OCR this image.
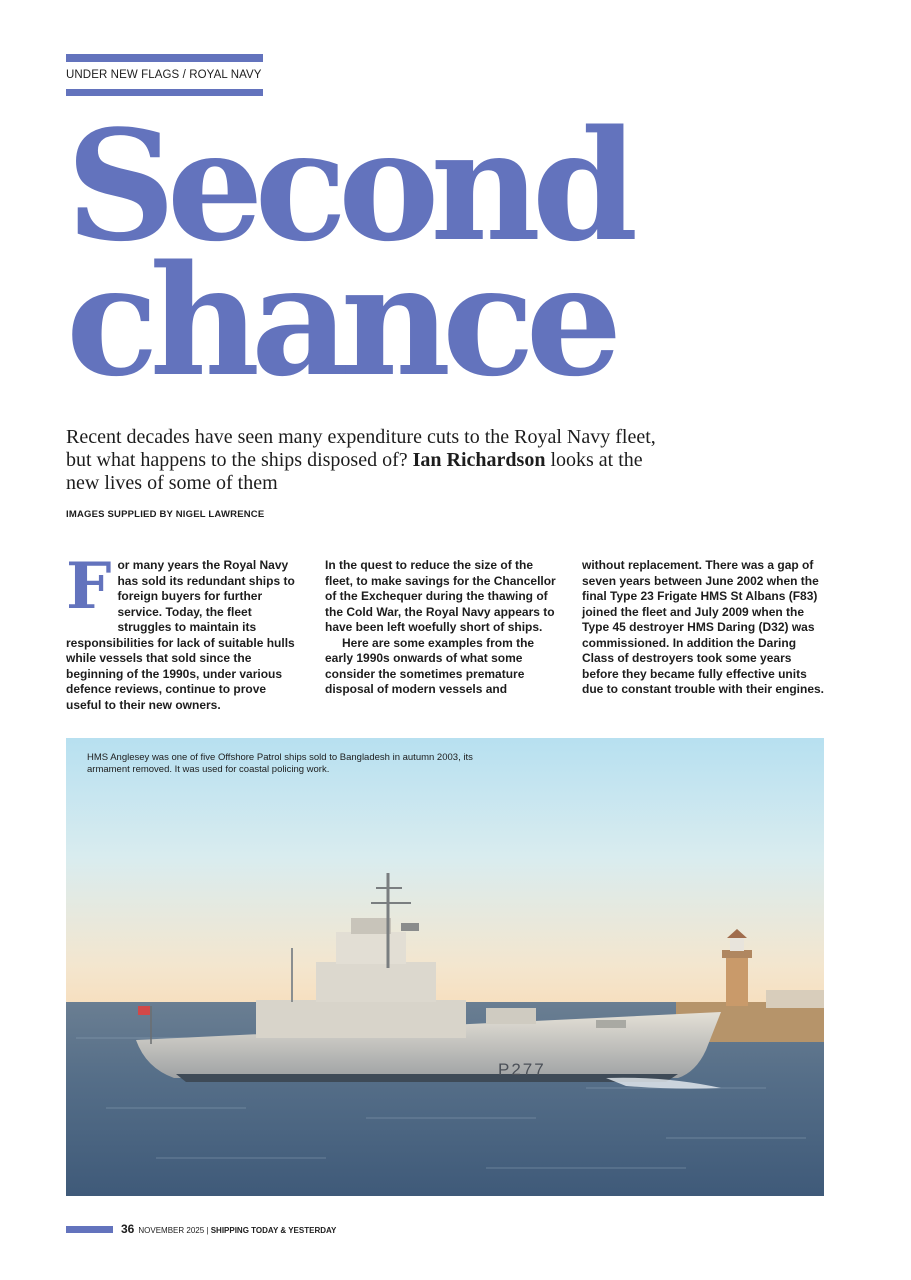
UNDER NEW FLAGS / ROYAL NAVY
Second
chance
Recent decades have seen many expenditure cuts to the Royal Navy fleet, but what happens to the ships disposed of? Ian Richardson looks at the new lives of some of them
IMAGES SUPPLIED BY NIGEL LAWRENCE
F or many years the Royal Navy has sold its redundant ships to foreign buyers for further service. Today, the fleet struggles to maintain its responsibilities for lack of suitable hulls while vessels that sold since the beginning of the 1990s, under various defence reviews, continue to prove useful to their new owners.

In the quest to reduce the size of the fleet, to make savings for the Chancellor of the Exchequer during the thawing of the Cold War, the Royal Navy appears to have been left woefully short of ships.

Here are some examples from the early 1990s onwards of what some consider the sometimes premature disposal of modern vessels and

without replacement. There was a gap of seven years between June 2002 when the final Type 23 Frigate HMS St Albans (F83) joined the fleet and July 2009 when the Type 45 destroyer HMS Daring (D32) was commissioned. In addition the Daring Class of destroyers took some years before they became fully effective units due to constant trouble with their engines.

P277
HMS Anglesey was one of five Offshore Patrol ships sold to Bangladesh in autumn 2003, its armament removed. It was used for coastal policing work.
36 NOVEMBER 2025 | SHIPPING TODAY & YESTERDAY
